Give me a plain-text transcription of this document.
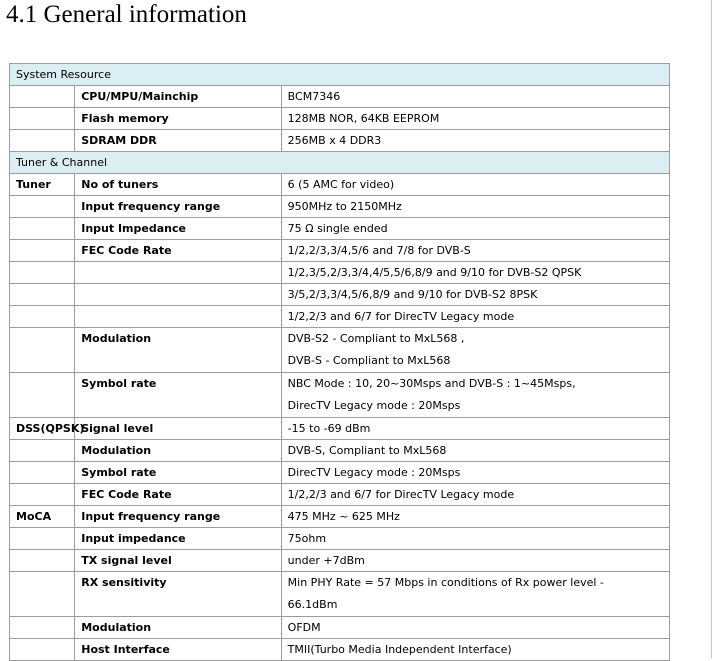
4.1 General information
System Resource		
	CPU/MPU/Mainchip	BCM7346
	Flash memory	128MB NOR, 64KB EEPROM
	SDRAM DDR	256MB x 4 DDR3
Tuner & Channel		
Tuner	No of tuners	6 (5 AMC for video)
	Input frequency range	950MHz to 2150MHz
	Input Impedance	75 Ω single ended
	FEC Code Rate	1/2,2/3,3/4,5/6 and 7/8 for DVB-S
		1/2,3/5,2/3,3/4,4/5,5/6,8/9 and 9/10 for DVB-S2 QPSK
		3/5,2/3,3/4,5/6,8/9 and 9/10 for DVB-S2 8PSK
		1/2,2/3 and 6/7 for DirecTV Legacy mode
	Modulation	DVB-S2 - Compliant to MxL568 ,
DVB-S - Compliant to MxL568

	Symbol rate	NBC Mode : 10, 20~30Msps and DVB-S : 1~45Msps,
DirecTV Legacy mode : 20Msps

DSS(QPSK)	Signal level	-15 to -69 dBm
	Modulation	DVB-S, Compliant to MxL568
	Symbol rate	DirecTV Legacy mode : 20Msps
	FEC Code Rate	1/2,2/3 and 6/7 for DirecTV Legacy mode
MoCA	Input frequency range	475 MHz ~ 625 MHz
	Input impedance	75ohm
	TX signal level	under +7dBm
	RX sensitivity	Min PHY Rate = 57 Mbps in conditions of Rx power level -
66.1dBm

	Modulation	OFDM
	Host Interface	TMII(Turbo Media Independent Interface)
